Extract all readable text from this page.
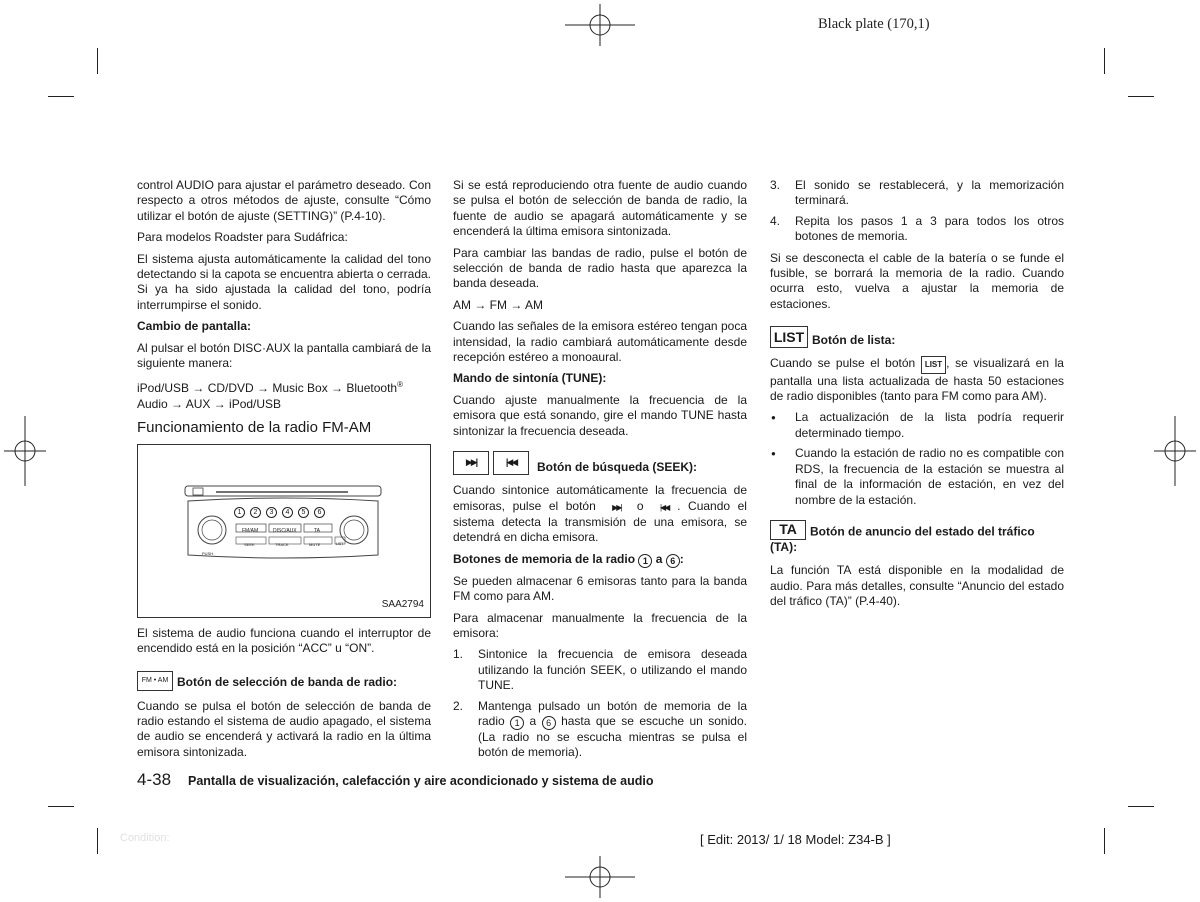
Black plate (170,1)

control AUDIO para ajustar el parámetro deseado. Con respecto a otros métodos de ajuste, consulte “Cómo utilizar el botón de ajuste (SETTING)” (P.4-10).

Para modelos Roadster para Sudáfrica:

El sistema ajusta automáticamente la calidad del tono detectando si la capota se encuentra abierta o cerrada. Si ya ha sido ajustada la calidad del tono, podría interrumpirse el sonido.

Cambio de pantalla:

Al pulsar el botón DISC·AUX la pantalla cambiará de la siguiente manera:

iPod/USB → CD/DVD → Music Box → Bluetooth®
Audio → AUX → iPod/USB

Funcionamiento de la radio FM-AM
1	2	3	4	5	6
FM/AM	DISC/AUX	TA
SEEK	TRACK	MUTE	LIST
PUSH
SAA2794

El sistema de audio funciona cuando el interruptor de encendido está en la posición “ACC” u “ON”.

FM • AM Botón de selección de banda de radio:

Cuando se pulsa el botón de selección de banda de radio estando el sistema de audio apagado, el sistema de audio se encenderá y activará la radio en la última emisora sintonizada.

Si se está reproduciendo otra fuente de audio cuando se pulsa el botón de selección de banda de radio, la fuente de audio se apagará automáticamente y se encenderá la última emisora sintonizada.

Para cambiar las bandas de radio, pulse el botón de selección de banda de radio hasta que aparezca la banda deseada.

AM → FM → AM

Cuando las señales de la emisora estéreo tengan poca intensidad, la radio cambiará automáticamente desde recepción estéreo a monoaural.

Mando de sintonía (TUNE):

Cuando ajuste manualmente la frecuencia de la emisora que está sonando, gire el mando TUNE hasta sintonizar la frecuencia deseada.

▶▶|	|◀◀	Botón de búsqueda (SEEK):

Cuando sintonice automáticamente la frecuencia de emisoras, pulse el botón ▶▶| o |◀◀ . Cuando el sistema detecta la transmisión de una emisora, se detendrá en dicha emisora.

Botones de memoria de la radio 1 a 6 :

Se pueden almacenar 6 emisoras tanto para la banda FM como para AM.

Para almacenar manualmente la frecuencia de la emisora:

1. Sintonice la frecuencia de emisora deseada utilizando la función SEEK, o utilizando el mando TUNE.
2. Mantenga pulsado un botón de memoria de la radio 1 a 6 hasta que se escuche un sonido. (La radio no se escucha mientras se pulsa el botón de memoria).
3. El sonido se restablecerá, y la memorización terminará.
4. Repita los pasos 1 a 3 para todos los otros botones de memoria.

Si se desconecta el cable de la batería o se funde el fusible, se borrará la memoria de la radio. Cuando ocurra esto, vuelva a ajustar la memoria de estaciones.

LIST Botón de lista:

Cuando se pulse el botón LIST , se visualizará en la pantalla una lista actualizada de hasta 50 estaciones de radio disponibles (tanto para FM como para AM).

● La actualización de la lista podría requerir determinado tiempo.
● Cuando la estación de radio no es compatible con RDS, la frecuencia de la estación se muestra al final de la información de estación, en vez del nombre de la estación.
TA Botón de anuncio del estado del tráfico (TA):

La función TA está disponible en la modalidad de audio. Para más detalles, consulte “Anuncio del estado del tráfico (TA)” (P.4-40).

4-38 Pantalla de visualización, calefacción y aire acondicionado y sistema de audio
Condition:	[ Edit: 2013/ 1/ 18 Model: Z34-B ]
